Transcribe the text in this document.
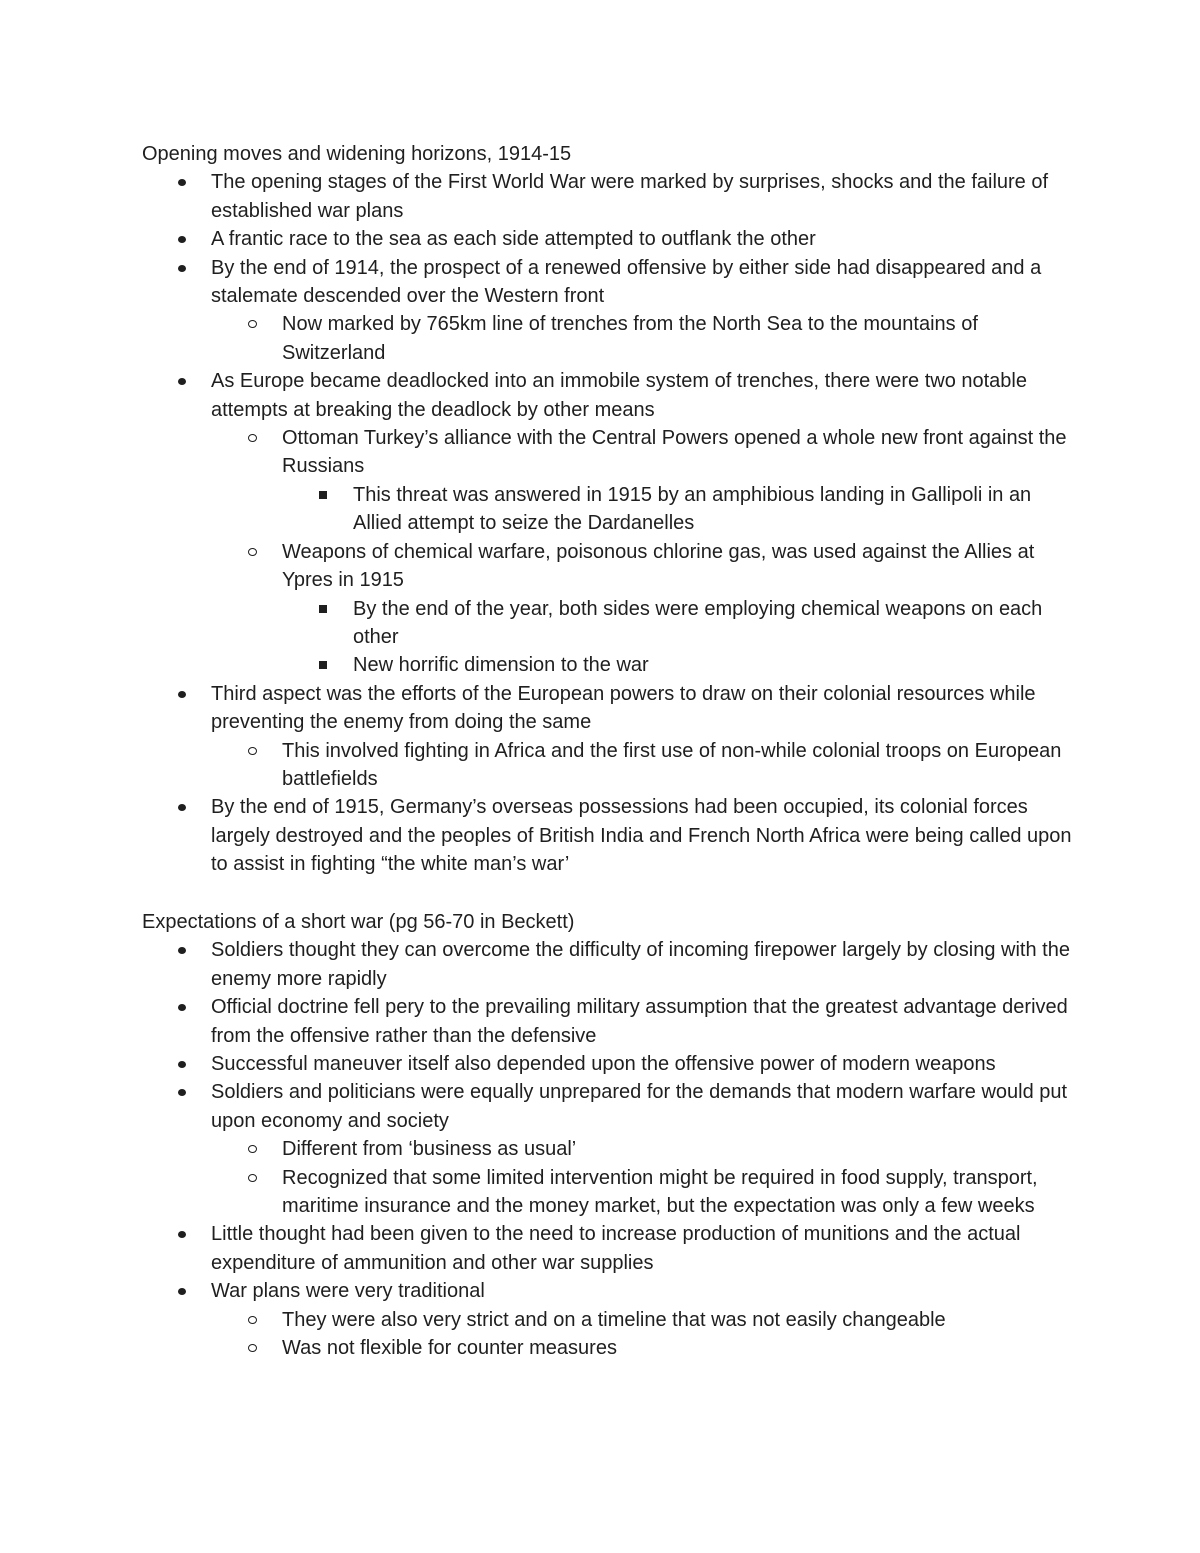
Opening moves and widening horizons, 1914-15

The opening stages of the First World War were marked by surprises, shocks and the failure of established war plans
A frantic race to the sea as each side attempted to outflank the other
By the end of 1914, the prospect of a renewed offensive by either side had disappeared and a stalemate descended over the Western front
Now marked by 765km line of trenches from the North Sea to the mountains of Switzerland
As Europe became deadlocked into an immobile system of trenches, there were two notable attempts at breaking the deadlock by other means
Ottoman Turkey’s alliance with the Central Powers opened a whole new front against the Russians
This threat was answered in 1915 by an amphibious landing in Gallipoli in an Allied attempt to seize the Dardanelles
Weapons of chemical warfare, poisonous chlorine gas, was used against the Allies at Ypres in 1915
By the end of the year, both sides were employing chemical weapons on each other
New horrific dimension to the war
Third aspect was the efforts of the European powers to draw on their colonial resources while preventing the enemy from doing the same
This involved fighting in Africa and the first use of non-while colonial troops on European battlefields
By the end of 1915, Germany’s overseas possessions had been occupied, its colonial forces largely destroyed and the peoples of British India and French North Africa were being called upon to assist in fighting “the white man’s war’

Expectations of a short war (pg 56-70 in Beckett)

Soldiers thought they can overcome the difficulty of incoming firepower largely by closing with the enemy more rapidly
Official doctrine fell pery to the prevailing military assumption that the greatest advantage derived from the offensive rather than the defensive
Successful maneuver itself also depended upon the offensive power of modern weapons
Soldiers and politicians were equally unprepared for the demands that modern warfare would put upon economy and society
Different from ‘business as usual’
Recognized that some limited intervention might be required in food supply, transport, maritime insurance and the money market, but the expectation was only a few weeks
Little thought had been given to the need to increase production of munitions and the actual expenditure of ammunition and other war supplies
War plans were very traditional
They were also very strict and on a timeline that was not easily changeable
Was not flexible for counter measures
